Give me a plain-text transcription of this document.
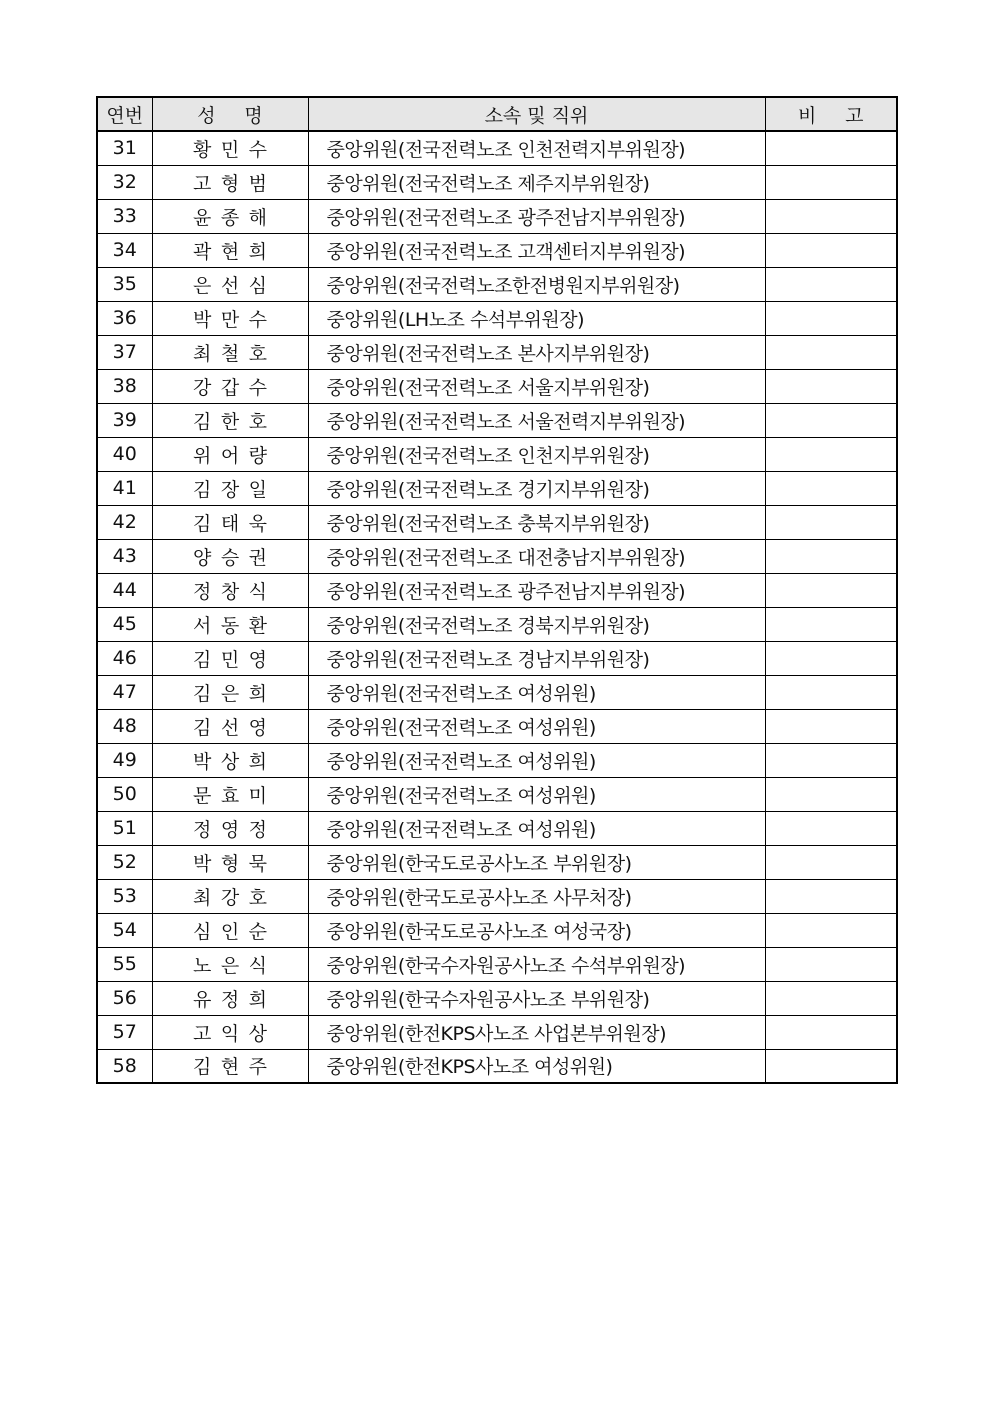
연번	성 명	소속 및 직위	비 고
31	황민수	중앙위원(전국전력노조 인천전력지부위원장)	
32	고형범	중앙위원(전국전력노조 제주지부위원장)	
33	윤종해	중앙위원(전국전력노조 광주전남지부위원장)	
34	곽현희	중앙위원(전국전력노조 고객센터지부위원장)	
35	은선심	중앙위원(전국전력노조한전병원지부위원장)	
36	박만수	중앙위원(LH노조 수석부위원장)	
37	최철호	중앙위원(전국전력노조 본사지부위원장)	
38	강갑수	중앙위원(전국전력노조 서울지부위원장)	
39	김한호	중앙위원(전국전력노조 서울전력지부위원장)	
40	위어량	중앙위원(전국전력노조 인천지부위원장)	
41	김장일	중앙위원(전국전력노조 경기지부위원장)	
42	김태욱	중앙위원(전국전력노조 충북지부위원장)	
43	양승권	중앙위원(전국전력노조 대전충남지부위원장)	
44	정창식	중앙위원(전국전력노조 광주전남지부위원장)	
45	서동환	중앙위원(전국전력노조 경북지부위원장)	
46	김민영	중앙위원(전국전력노조 경남지부위원장)	
47	김은희	중앙위원(전국전력노조 여성위원)	
48	김선영	중앙위원(전국전력노조 여성위원)	
49	박상희	중앙위원(전국전력노조 여성위원)	
50	문효미	중앙위원(전국전력노조 여성위원)	
51	정영정	중앙위원(전국전력노조 여성위원)	
52	박형묵	중앙위원(한국도로공사노조 부위원장)	
53	최강호	중앙위원(한국도로공사노조 사무처장)	
54	심인순	중앙위원(한국도로공사노조 여성국장)	
55	노은식	중앙위원(한국수자원공사노조 수석부위원장)	
56	유정희	중앙위원(한국수자원공사노조 부위원장)	
57	고익상	중앙위원(한전KPS사노조 사업본부위원장)	
58	김현주	중앙위원(한전KPS사노조 여성위원)	
